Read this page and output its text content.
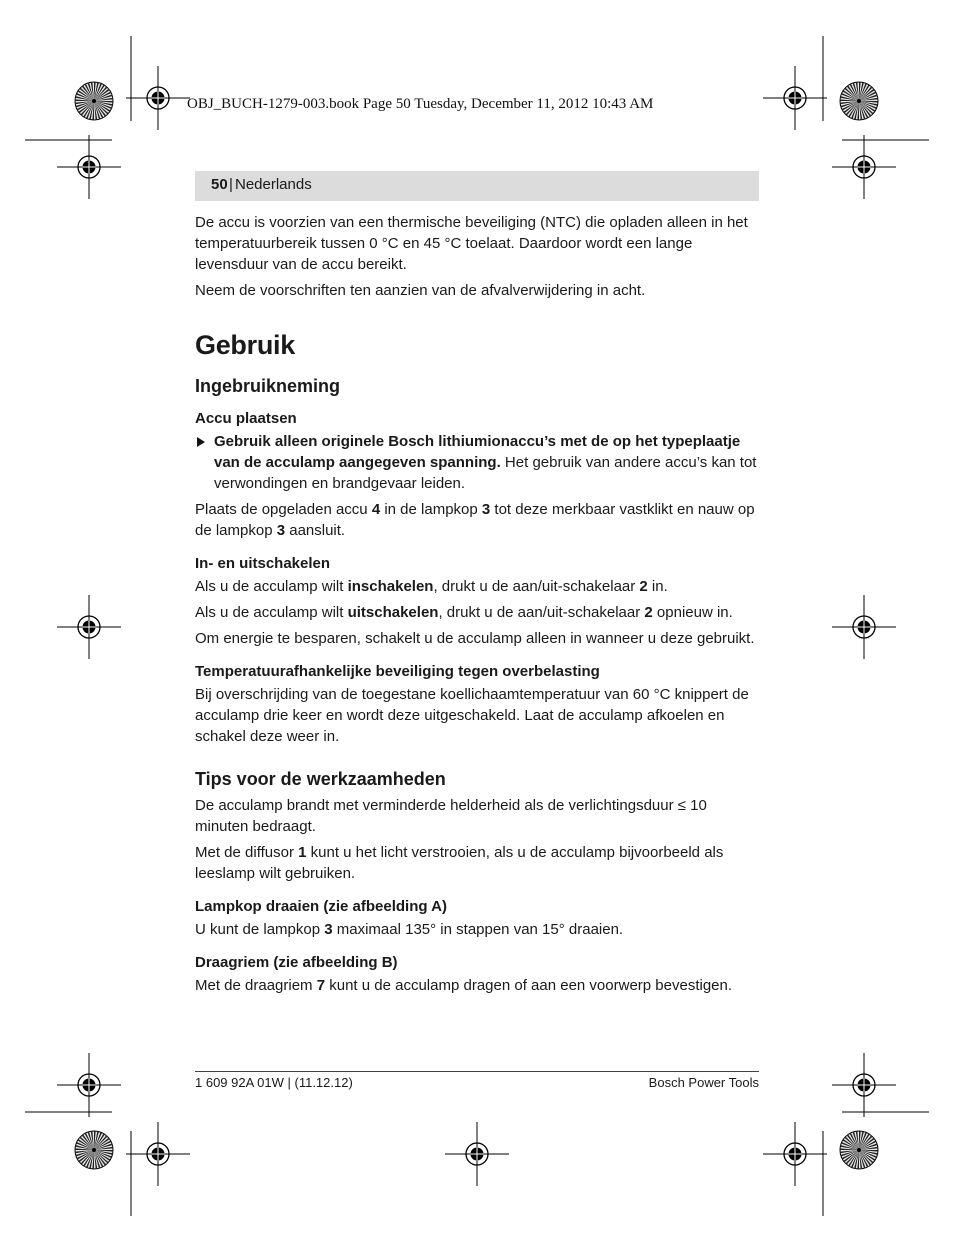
OBJ_BUCH-1279-003.book Page 50 Tuesday, December 11, 2012 10:43 AM
50 | Nederlands

De accu is voorzien van een thermische beveiliging (NTC) die opladen alleen in het temperatuurbereik tussen 0 °C en 45 °C toelaat. Daardoor wordt een lange levensduur van de accu bereikt.

Neem de voorschriften ten aanzien van de afvalverwijdering in acht.

Gebruik
Ingebruikneming
Accu plaatsen

Gebruik alleen originele Bosch lithiumionaccu’s met de op het typeplaatje van de acculamp aangegeven spanning. Het gebruik van andere accu’s kan tot verwondingen en brandgevaar leiden.

Plaats de opgeladen accu 4 in de lampkop 3 tot deze merkbaar vastklikt en nauw op de lampkop 3 aansluit.

In- en uitschakelen

Als u de acculamp wilt inschakelen, drukt u de aan/uit-schakelaar 2 in.

Als u de acculamp wilt uitschakelen, drukt u de aan/uit-schakelaar 2 opnieuw in.

Om energie te besparen, schakelt u de acculamp alleen in wanneer u deze gebruikt.

Temperatuurafhankelijke beveiliging tegen overbelasting

Bij overschrijding van de toegestane koellichaamtemperatuur van 60 °C knippert de acculamp drie keer en wordt deze uitgeschakeld. Laat de acculamp afkoelen en schakel deze weer in.

Tips voor de werkzaamheden

De acculamp brandt met verminderde helderheid als de verlichtingsduur ≤ 10 minuten bedraagt.

Met de diffusor 1 kunt u het licht verstrooien, als u de acculamp bijvoorbeeld als leeslamp wilt gebruiken.

Lampkop draaien (zie afbeelding A)

U kunt de lampkop 3 maximaal 135° in stappen van 15° draaien.

Draagriem (zie afbeelding B)

Met de draagriem 7 kunt u de acculamp dragen of aan een voorwerp bevestigen.

1 609 92A 01W | (11.12.12)	Bosch Power Tools
